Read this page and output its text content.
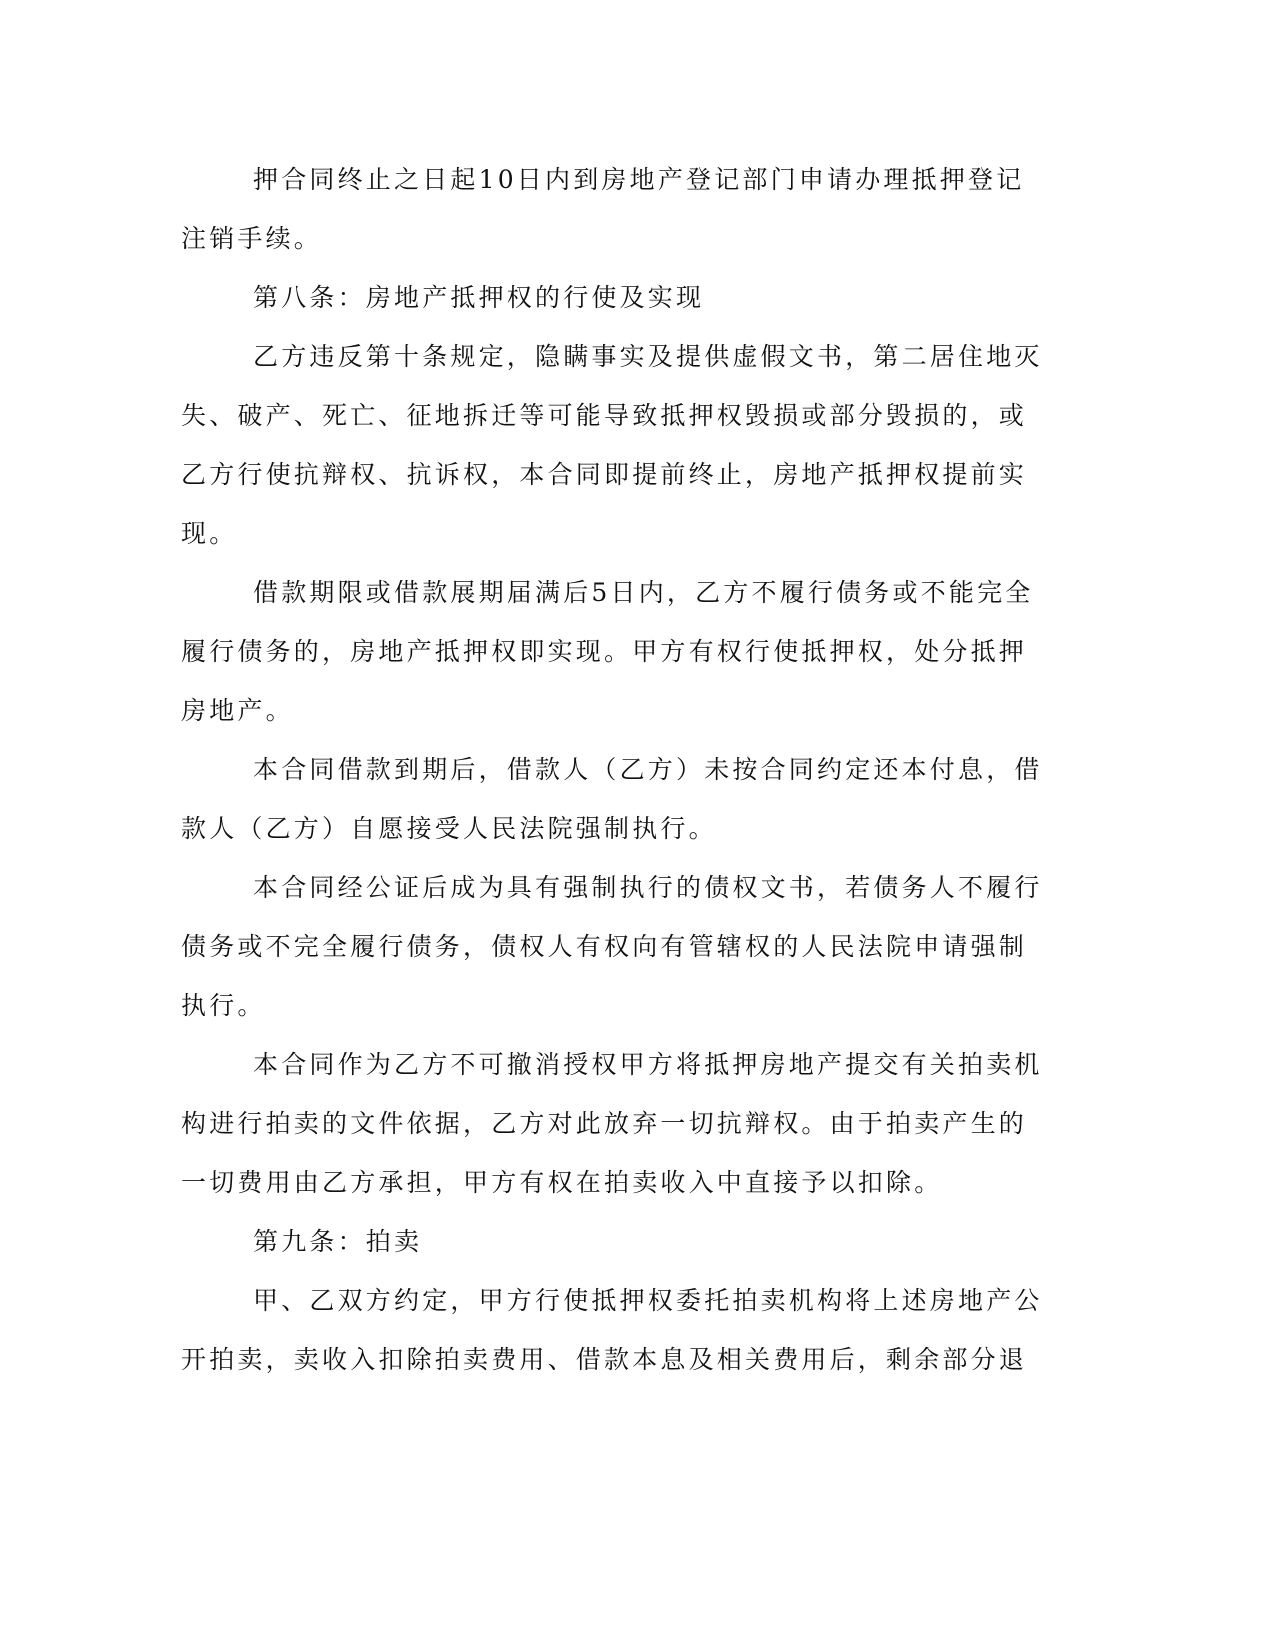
押合同终止之日起10日内到房地产登记部门申请办理抵押登记

注销手续。

第八条：房地产抵押权的行使及实现

乙方违反第十条规定，隐瞒事实及提供虚假文书，第二居住地灭

失、破产、死亡、征地拆迁等可能导致抵押权毁损或部分毁损的，或

乙方行使抗辩权、抗诉权，本合同即提前终止，房地产抵押权提前实

现。

借款期限或借款展期届满后5日内，乙方不履行债务或不能完全

履行债务的，房地产抵押权即实现。甲方有权行使抵押权，处分抵押

房地产。

本合同借款到期后，借款人（乙方）未按合同约定还本付息，借

款人（乙方）自愿接受人民法院强制执行。

本合同经公证后成为具有强制执行的债权文书，若债务人不履行

债务或不完全履行债务，债权人有权向有管辖权的人民法院申请强制

执行。

本合同作为乙方不可撤消授权甲方将抵押房地产提交有关拍卖机

构进行拍卖的文件依据，乙方对此放弃一切抗辩权。由于拍卖产生的

一切费用由乙方承担，甲方有权在拍卖收入中直接予以扣除。

第九条：拍卖

甲、乙双方约定，甲方行使抵押权委托拍卖机构将上述房地产公

开拍卖，卖收入扣除拍卖费用、借款本息及相关费用后，剩余部分退
